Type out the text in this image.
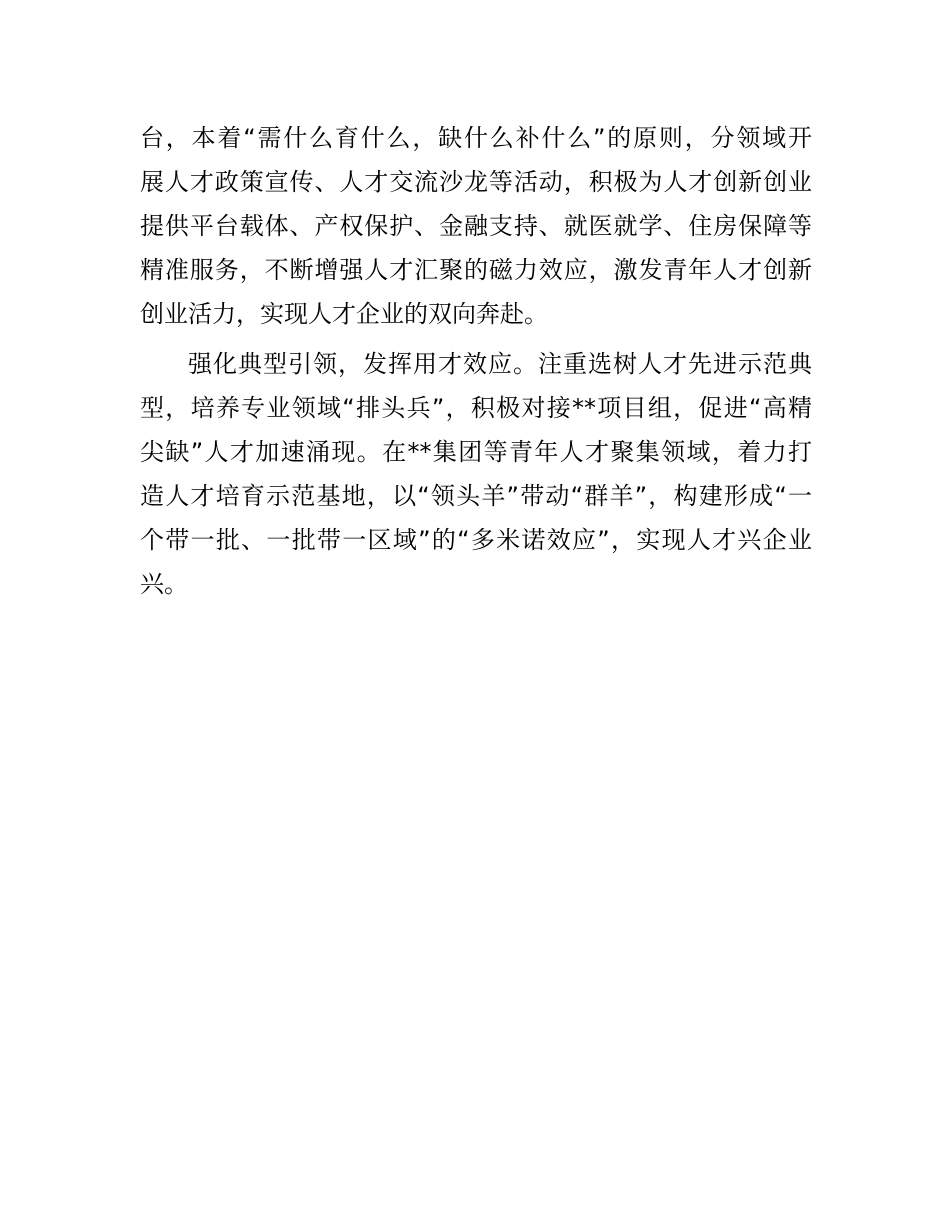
台，本着“需什么育什么，缺什么补什么”的原则，分领域开
展人才政策宣传、人才交流沙龙等活动，积极为人才创新创业
提供平台载体、产权保护、金融支持、就医就学、住房保障等
精准服务，不断增强人才汇聚的磁力效应，激发青年人才创新
创业活力，实现人才企业的双向奔赴。
强化典型引领，发挥用才效应。注重选树人才先进示范典
型，培养专业领域“排头兵”，积极对接**项目组，促进“高精
尖缺”人才加速涌现。在**集团等青年人才聚集领域，着力打
造人才培育示范基地，以“领头羊”带动“群羊”，构建形成“一
个带一批、一批带一区域”的“多米诺效应”，实现人才兴企业
兴。
